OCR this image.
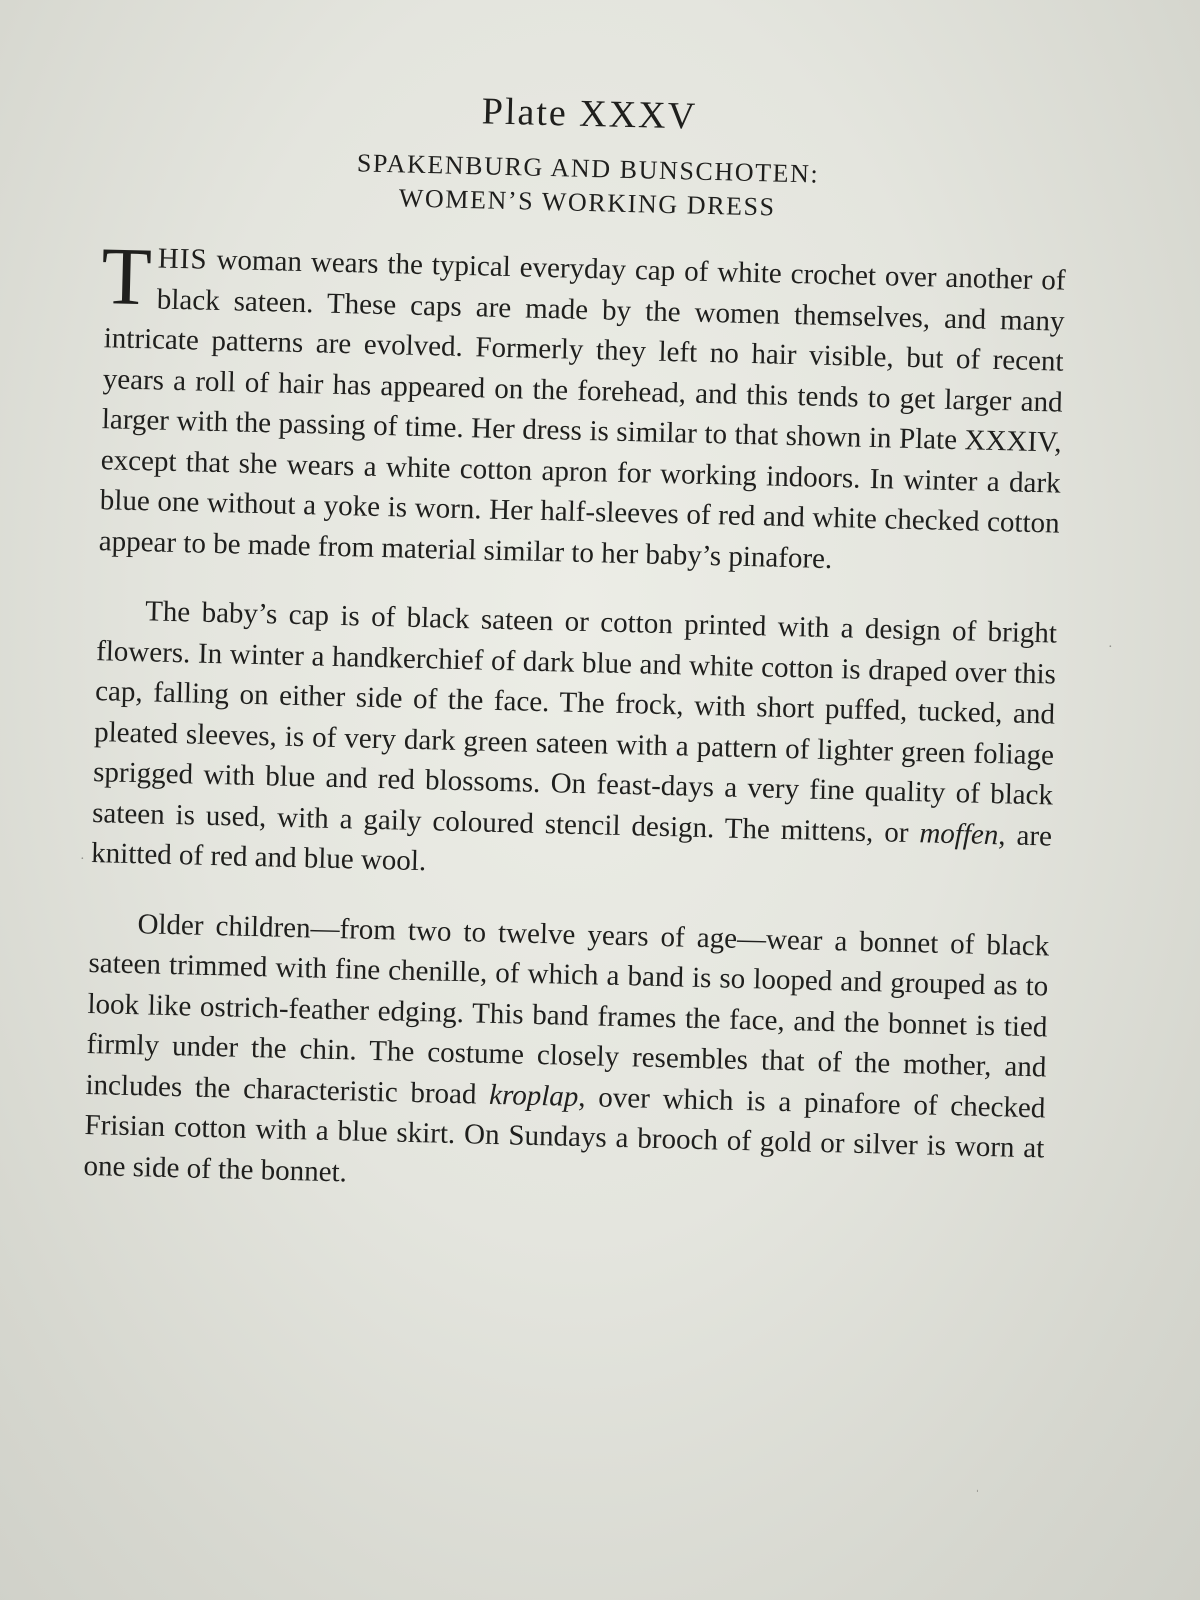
Plate XXXV
SPAKENBURG AND BUNSCHOTEN:
WOMEN’S WORKING DRESS

THIS woman wears the typical everyday cap of white crochet over another of black sateen. These caps are made by the women themselves, and many intricate patterns are evolved. Formerly they left no hair visible, but of recent years a roll of hair has appeared on the forehead, and this tends to get larger and larger with the passing of time. Her dress is similar to that shown in Plate XXXIV, except that she wears a white cotton apron for working indoors. In winter a dark blue one without a yoke is worn. Her half-sleeves of red and white checked cotton appear to be made from material similar to her baby’s pinafore.

The baby’s cap is of black sateen or cotton printed with a design of bright flowers. In winter a handkerchief of dark blue and white cotton is draped over this cap, falling on either side of the face. The frock, with short puffed, tucked, and pleated sleeves, is of very dark green sateen with a pattern of lighter green foliage sprigged with blue and red blossoms. On feast-days a very fine quality of black sateen is used, with a gaily coloured stencil design. The mittens, or moffen, are knitted of red and blue wool.

Older children—from two to twelve years of age—wear a bonnet of black sateen trimmed with fine chenille, of which a band is so looped and grouped as to look like ostrich-feather edging. This band frames the face, and the bonnet is tied firmly under the chin. The costume closely resembles that of the mother, and includes the characteristic broad kroplap, over which is a pinafore of checked Frisian cotton with a blue skirt. On Sundays a brooch of gold or silver is worn at one side of the bonnet.

·
·
ˌ
